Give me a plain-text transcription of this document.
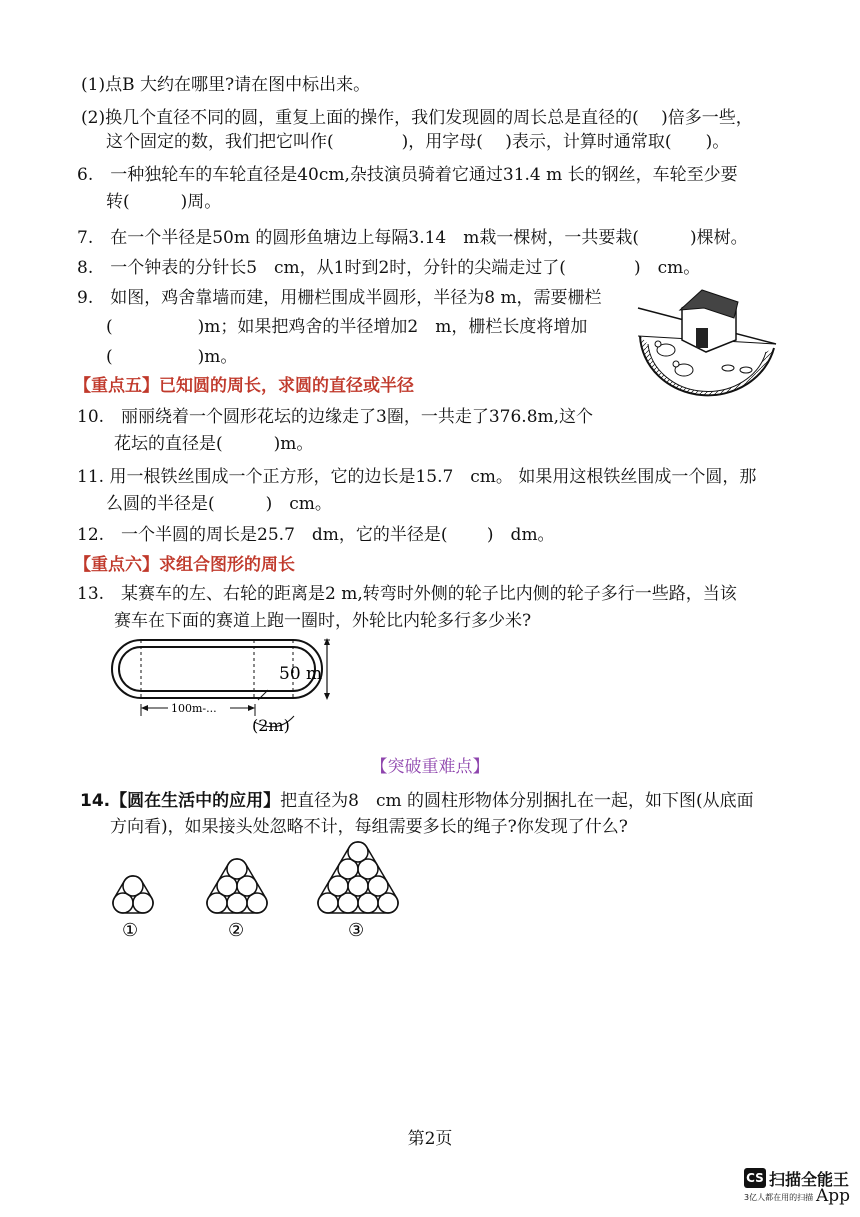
(1)点B 大约在哪里?请在图中标出来。
(2)换几个直径不同的圆，重复上面的操作，我们发现圆的周长总是直径的(　 )倍多一些，
这个固定的数，我们把它叫作(　　　　)，用字母(　 )表示，计算时通常取(　　)。
6.　一种独轮车的车轮直径是40cm,杂技演员骑着它通过31.4 m 长的钢丝，车轮至少要
转(　　　)周。
7.　在一个半径是50m 的圆形鱼塘边上每隔3.14　m栽一棵树，一共要栽(　　　)棵树。
8.　一个钟表的分针长5　cm，从1时到2时，分针的尖端走过了(　　　　)　cm。
9.　如图，鸡舍靠墙而建，用栅栏围成半圆形，半径为8 m，需要栅栏
(　　　　　)m；如果把鸡舍的半径增加2　m，栅栏长度将增加
(　　　　　)m。
【重点五】已知圆的周长，求圆的直径或半径
10.　丽丽绕着一个圆形花坛的边缘走了3圈，一共走了376.8m,这个
花坛的直径是(　　　)m。
11. 用一根铁丝围成一个正方形，它的边长是15.7　cm。 如果用这根铁丝围成一个圆，那
么圆的半径是(　　　)　cm。
12.　一个半圆的周长是25.7　dm，它的半径是(　　 )　dm。
【重点六】求组合图形的周长
13.　某赛车的左、右轮的距离是2 m,转弯时外侧的轮子比内侧的轮子多行一些路，当该
赛车在下面的赛道上跑一圈时，外轮比内轮多行多少米?
100m-...
50 m
(2m)
【突破重难点】
14.【圆在生活中的应用】把直径为8　cm 的圆柱形物体分别捆扎在一起，如下图(从底面
方向看)，如果接头处忽略不计，每组需要多长的绳子?你发现了什么?
①	②	③
第2页
CS 扫描全能王
3亿人都在用的扫描 App
